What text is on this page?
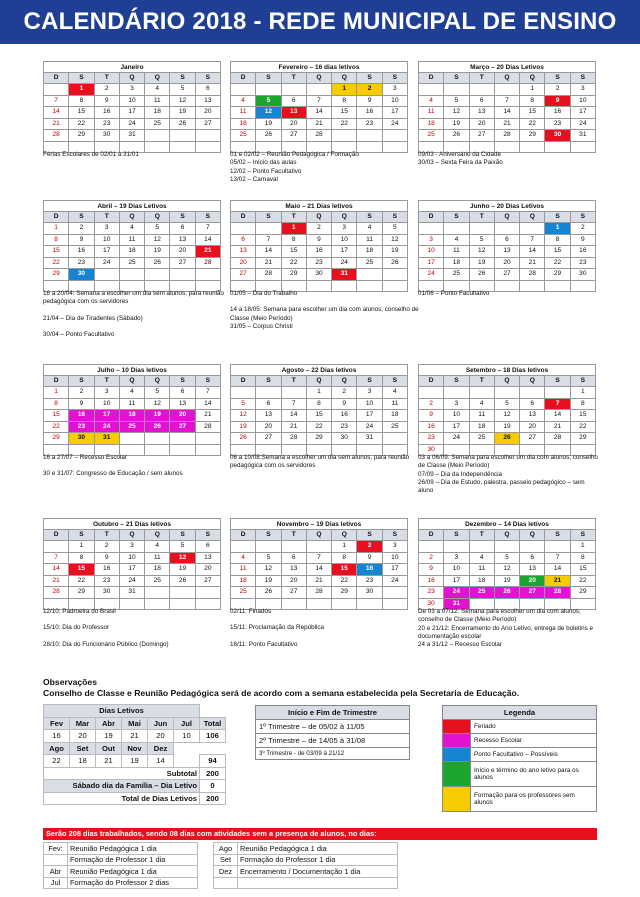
CALENDÁRIO 2018 - REDE MUNICIPAL DE ENSINO
Janeiro
D	S	T	Q	Q	S	S
	1	2	3	4	5	6
7	8	9	10	11	12	13
14	15	16	17	18	19	20
21	22	23	24	25	26	27
28	29	30	31			

Férias Escolares de 02/01 a 31/01
Fevereiro – 16 dias letivos
D	S	T	Q	Q	S	S
				1	2	3
4	5	6	7	8	9	10
11	12	13	14	15	16	17
18	19	20	21	22	23	24
25	26	27	28			

01 e 02/02 – Reunião Pedagógica / Formação
05/02 – Início das aulas
12/02 – Ponto Facultativo
13/02 – Carnaval
Março – 20 Dias Letivos
D	S	T	Q	Q	S	S
				1	2	3
4	5	6	7	8	9	10
11	12	13	14	15	16	17
18	19	20	21	22	23	24
25	26	27	28	29	30	31

09/03 - Aniversário da Cidade
30/03 – Sexta Feira da Paixão
Abril – 19 Dias Letivos
D	S	T	Q	Q	S	S
1	2	3	4	5	6	7
8	9	10	11	12	13	14
15	16	17	18	19	20	21
22	23	24	25	26	27	28
29	30					

16 a 20/04: Semana a escolher um dia sem alunos, para reunião pedagógica com os servidores
21/04 – Dia de Tiradentes (Sábado)
30/04 – Ponto Facultativo
Maio – 21 Dias letivos
D	S	T	Q	Q	S	S
		1	2	3	4	5
6	7	8	9	10	11	12
13	14	15	16	17	18	19
20	21	22	23	24	25	26
27	28	29	30	31		

01/05 – Dia do Trabalho
14 a 18/05: Semana para escolher um dia com alunos, conselho de Classe (Meio Período)
31/05 – Corpus Christi
Junho – 20 Dias Letivos
D	S	T	Q	Q	S	S
					1	2
3	4	5	6	7	8	9
10	11	12	13	14	15	16
17	18	19	20	21	22	23
24	25	26	27	28	29	30

01/06 – Ponto Facultativo
Julho – 10 Dias letivos
D	S	T	Q	Q	S	S
1	2	3	4	5	6	7
8	9	10	11	12	13	14
15	16	17	18	19	20	21
22	23	24	25	26	27	28
29	30	31				

16 a 27/07 – Recesso Escolar
30 e 31/07: Congresso de Educação / sem alunos
Agosto – 22 Dias letivos
D	S	T	Q	Q	S	S
			1	2	3	4
5	6	7	8	9	10	11
12	13	14	15	16	17	18
19	20	21	22	23	24	25
26	27	28	29	30	31	

06 a 10/08:Semana a escolher um dia sem alunos, para reunião pedagógica com os servidores
Setembro – 18 Dias letivos
D	S	T	Q	Q	S	S
						1
2	3	4	5	6	7	8
9	10	11	12	13	14	15
16	17	18	19	20	21	22
23	24	25	26	27	28	29
30						
03 a 06/09: Semana para escolher um dia com alunos, conselho de Classe (Meio Período)
07/09 – Dia da Independência
26/09 – Dia de Estudo, palestra, passeio pedagógico – sem aluno
Outubro – 21 Dias letivos
D	S	T	Q	Q	S	S
	1	2	3	4	5	6
7	8	9	10	11	12	13
14	15	16	17	18	19	20
21	22	23	24	25	26	27
28	29	30	31			

12/10: Padroeira do Brasil
15/10: Dia do Professor
28/10: Dia do Funcionário Público (Domingo)
Novembro – 19 Dias letivos
D	S	T	Q	Q	S	S
				1	2	3
4	5	6	7	8	9	10
11	12	13	14	15	16	17
18	19	20	21	22	23	24
25	26	27	28	29	30	

02/11: Finados
15/11: Proclamação da República
16/11: Ponto Facultativo
Dezembro – 14 Dias letivos
D	S	T	Q	Q	S	S
						1
2	3	4	5	6	7	8
9	10	11	12	13	14	15
16	17	18	19	20	21	22
23	24	25	26	27	28	29
30	31					
De 03 a 07/12: Semana para escolher um dia com alunos, conselho de Classe (Meio Período)
20 e 21/12: Encerramento do Ano Letivo, entrega de boletins e documentação escolar
24 a 31/12 – Recesso Escolar
Observações
Conselho de Classe e Reunião Pedagógica será de acordo com a semana estabelecida pela Secretaria de Educação.
Dias Letivos						
Fev	Mar	Abr	Mai	Jun	Jul	Total
16	20	19	21	20	10	106
Ago	Set	Out	Nov	Dez		
22	18	21	19	14		94
Subtotal						200
Sábado dia da Família – Dia Letivo						0
Total de Dias Letivos						200
Início e Fim de Trimestre
1º Trimestre – de 05/02 à 11/05
2º Trimestre – de 14/05 à 31/08
3º Trimestre - de 03/09 à 21/12
Legenda	
	Feriado
	Recesso Escolar
	Ponto Facultativo – Possíveis
	Início e término do ano letivo para os alunos
	Formação para os professores sem alunos
Serão 208 dias trabalhados, sendo 08 dias com atividades sem a presença de alunos, no dias:
Fev:	Reunião Pedagógica 1 dia		Ago	Reunião Pedagógica 1 dia
	Formação de Professor 1 dia		Set	Formação do Professor 1 dia
Abr	Reunião Pedagógica 1 dia		Dez	Encerramento / Documentação 1 dia
Jul	Formação do Professor 2 dias			
